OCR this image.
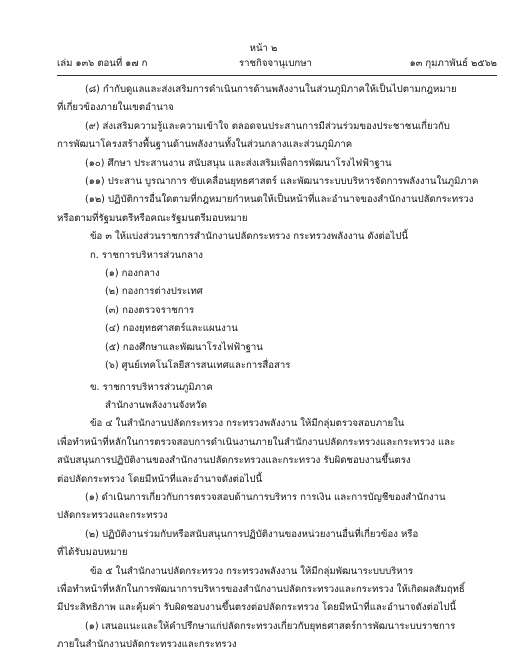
หน้า ๒
เล่ม ๑๓๖ ตอนที่ ๑๗ ก	ราชกิจจานุเบกษา	๑๓ กุมภาพันธ์ ๒๕๖๒

(๘) กำกับดูแลและส่งเสริมการดำเนินการด้านพลังงานในส่วนภูมิภาคให้เป็นไปตามกฎหมาย

ที่เกี่ยวข้องภายในเขตอำนาจ

(๙) ส่งเสริมความรู้และความเข้าใจ ตลอดจนประสานการมีส่วนร่วมของประชาชนเกี่ยวกับ

การพัฒนาโครงสร้างพื้นฐานด้านพลังงานทั้งในส่วนกลางและส่วนภูมิภาค

(๑๐) ศึกษา ประสานงาน สนับสนุน และส่งเสริมเพื่อการพัฒนาโรงไฟฟ้าฐาน

(๑๑) ประสาน บูรณาการ ขับเคลื่อนยุทธศาสตร์ และพัฒนาระบบบริหารจัดการพลังงานในภูมิภาค

(๑๒) ปฏิบัติการอื่นใดตามที่กฎหมายกำหนดให้เป็นหน้าที่และอำนาจของสำนักงานปลัดกระทรวง

หรือตามที่รัฐมนตรีหรือคณะรัฐมนตรีมอบหมาย

ข้อ ๓ ให้แบ่งส่วนราชการสำนักงานปลัดกระทรวง กระทรวงพลังงาน ดังต่อไปนี้

ก. ราชการบริหารส่วนกลาง

(๑) กองกลาง

(๒) กองการต่างประเทศ

(๓) กองตรวจราชการ

(๔) กองยุทธศาสตร์และแผนงาน

(๕) กองศึกษาและพัฒนาโรงไฟฟ้าฐาน

(๖) ศูนย์เทคโนโลยีสารสนเทศและการสื่อสาร

ข. ราชการบริหารส่วนภูมิภาค

สำนักงานพลังงานจังหวัด

ข้อ ๔ ในสำนักงานปลัดกระทรวง กระทรวงพลังงาน ให้มีกลุ่มตรวจสอบภายใน

เพื่อทำหน้าที่หลักในการตรวจสอบการดำเนินงานภายในสำนักงานปลัดกระทรวงและกระทรวง และ

สนับสนุนการปฏิบัติงานของสำนักงานปลัดกระทรวงและกระทรวง รับผิดชอบงานขึ้นตรง

ต่อปลัดกระทรวง โดยมีหน้าที่และอำนาจดังต่อไปนี้

(๑) ดำเนินการเกี่ยวกับการตรวจสอบด้านการบริหาร การเงิน และการบัญชีของสำนักงาน

ปลัดกระทรวงและกระทรวง

(๒) ปฏิบัติงานร่วมกับหรือสนับสนุนการปฏิบัติงานของหน่วยงานอื่นที่เกี่ยวข้อง หรือ

ที่ได้รับมอบหมาย

ข้อ ๕ ในสำนักงานปลัดกระทรวง กระทรวงพลังงาน ให้มีกลุ่มพัฒนาระบบบริหาร

เพื่อทำหน้าที่หลักในการพัฒนาการบริหารของสำนักงานปลัดกระทรวงและกระทรวง ให้เกิดผลสัมฤทธิ์

มีประสิทธิภาพ และคุ้มค่า รับผิดชอบงานขึ้นตรงต่อปลัดกระทรวง โดยมีหน้าที่และอำนาจดังต่อไปนี้

(๑) เสนอแนะและให้คำปรึกษาแก่ปลัดกระทรวงเกี่ยวกับยุทธศาสตร์การพัฒนาระบบราชการ

ภายในสำนักงานปลัดกระทรวงและกระทรวง
